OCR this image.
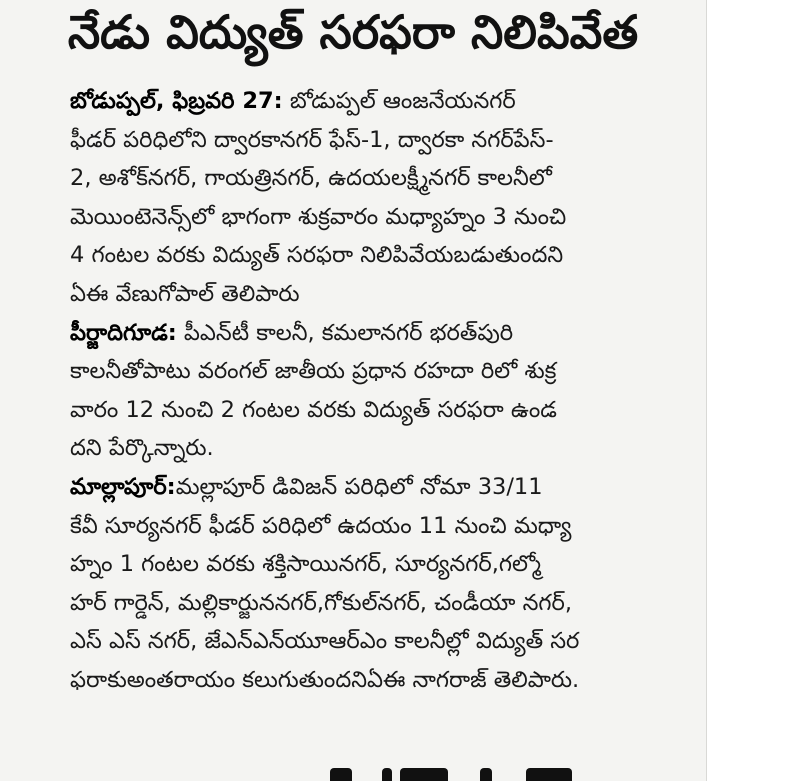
నేడు విద్యుత్‌ సరఫరా నిలిపివేత

బోడుప్పల్‌, ఫిబ్రవరి 27: బోడుప్పల్‌ ఆంజనేయనగర్‌
ఫీడర్‌ పరిధిలోని ద్వారకానగర్‌ ఫేస్‌-1, ద్వారకా నగర్‌పేస్‌-
2, అశోక్‌నగర్‌, గాయత్రినగర్‌, ఉదయలక్ష్మీనగర్‌ కాలనీలో
మెయింటెనెన్స్‌లో భాగంగా శుక్రవారం మధ్యాహ్నం 3 నుంచి
4 గంటల వరకు విద్యుత్‌ సరఫరా నిలిపివేయబడుతుందని
ఏఈ వేణుగోపాల్‌ తెలిపారు

పీర్జాదిగూడ: పీఎన్‌టీ కాలనీ, కమలానగర్‌ భరత్‌పురి
కాలనీతోపాటు వరంగల్‌ జాతీయ ప్రధాన రహదా రిలో శుక్ర
వారం 12 నుంచి 2 గంటల వరకు విద్యుత్‌ సరఫరా ఉండ
దని పేర్కొన్నారు.

మాల్లాపూర్‌:మల్లాపూర్‌ డివిజన్‌ పరిధిలో నోమా 33/11
కేవీ సూర్యనగర్‌ ఫీడర్‌ పరిధిలో ఉదయం 11 నుంచి మధ్యా
హ్నం 1 గంటల వరకు శక్తిసాయినగర్‌, సూర్యనగర్‌,గల్మో
హర్‌ గార్డెన్‌, మల్లికార్జుననగర్‌,గోకుల్‌నగర్‌, చండీయా నగర్‌,
ఎస్‌ ఎస్‌ నగర్‌, జేఎన్‌ఎన్‌యూఆర్‌ఎం కాలనీల్లో విద్యుత్‌ సర
ఫరాకుఅంతరాయం కలుగుతుందనిఏఈ నాగరాజ్‌ తెలిపారు.
